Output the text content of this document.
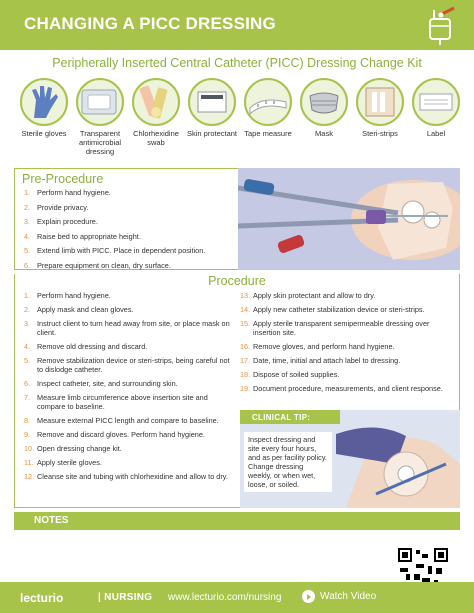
CHANGING A PICC DRESSING
Peripherally Inserted Central Catheter (PICC) Dressing Change Kit
Sterile gloves	Transparent antimicrobial dressing
Chlorhexidine swab
Skin protectant Tape measure	Mask	Steri-strips	Label
Pre-Procedure
1. Perform hand hygiene.
2. Provide privacy.
3. Explain procedure.
4. Raise bed to appropriate height.
5. Extend limb with PICC. Place in dependent position.
6. Prepare equipment on clean, dry surface.
Procedure
1. Perform hand hygiene.
2. Apply mask and clean gloves.
3. Instruct client to turn head away from site, or place mask on client.
4. Remove old dressing and discard.
5. Remove stabilization device or steri-strips, being careful not to dislodge catheter.
6. Inspect catheter, site, and surrounding skin.
7. Measure limb circumference above insertion site and compare to baseline.
8. Measure external PICC length and compare to baseline.
9. Remove and discard gloves. Perform hand hygiene.
10. Open dressing change kit.
11. Apply sterile gloves.
12. Cleanse site and tubing with chlorhexidine and allow to dry.
13. Apply skin protectant and allow to dry.
14. Apply new catheter stabilization device or steri-strips.
15. Apply sterile transparent semipermeable dressing over insertion site.
16. Remove gloves, and perform hand hygiene.
17. Date, time, initial and attach label to dressing.
18. Dispose of soiled supplies.
19. Document procedure, measurements, and client response.
CLINICAL TIP:
Inspect dressing and site every four hours, and as per facility policy.
Change dressing weekly, or when wet, loose, or soiled.
NOTES
lecturio	| NURSING www.lecturio.com/nursing	Watch Video
